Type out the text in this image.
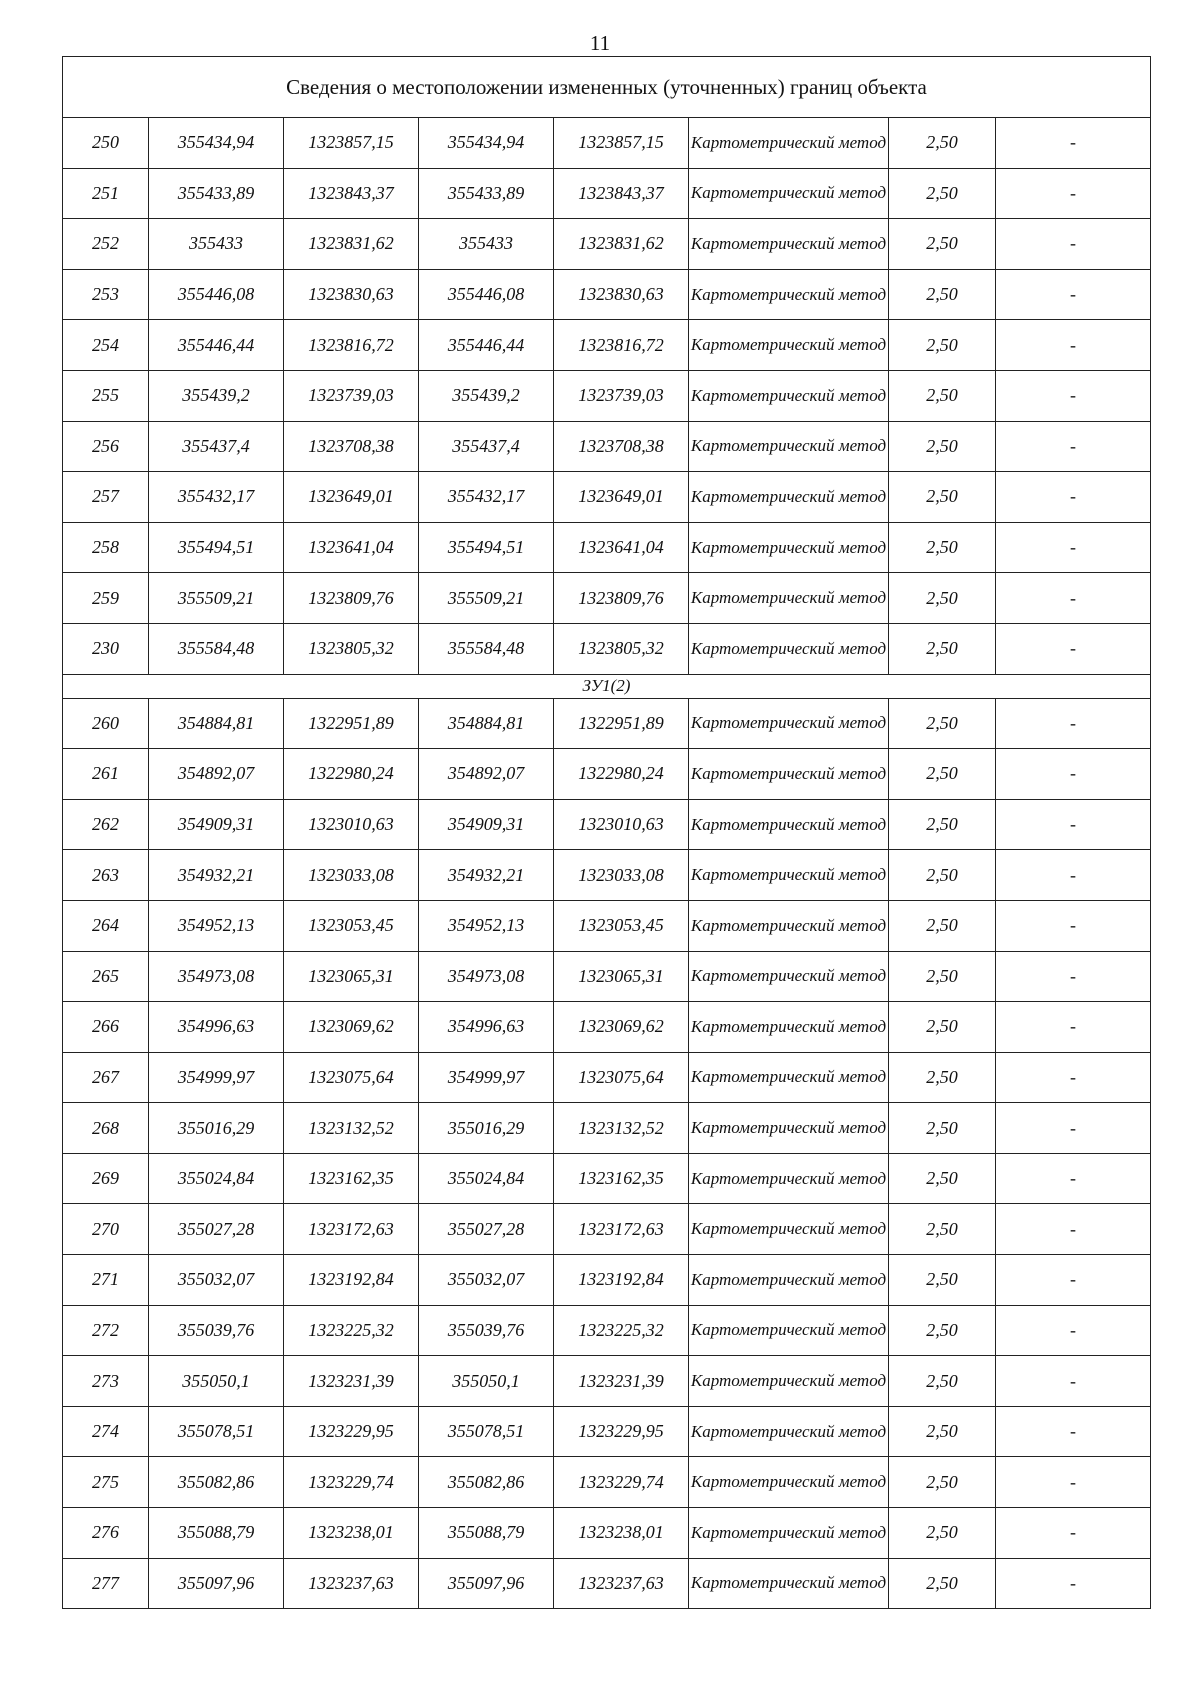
11
Сведения о местоположении измененных (уточненных) границ объекта							
250	355434,94	1323857,15	355434,94	1323857,15	Картометрический метод	2,50	-
251	355433,89	1323843,37	355433,89	1323843,37	Картометрический метод	2,50	-
252	355433	1323831,62	355433	1323831,62	Картометрический метод	2,50	-
253	355446,08	1323830,63	355446,08	1323830,63	Картометрический метод	2,50	-
254	355446,44	1323816,72	355446,44	1323816,72	Картометрический метод	2,50	-
255	355439,2	1323739,03	355439,2	1323739,03	Картометрический метод	2,50	-
256	355437,4	1323708,38	355437,4	1323708,38	Картометрический метод	2,50	-
257	355432,17	1323649,01	355432,17	1323649,01	Картометрический метод	2,50	-
258	355494,51	1323641,04	355494,51	1323641,04	Картометрический метод	2,50	-
259	355509,21	1323809,76	355509,21	1323809,76	Картометрический метод	2,50	-
230	355584,48	1323805,32	355584,48	1323805,32	Картометрический метод	2,50	-
ЗУ1(2)							
260	354884,81	1322951,89	354884,81	1322951,89	Картометрический метод	2,50	-
261	354892,07	1322980,24	354892,07	1322980,24	Картометрический метод	2,50	-
262	354909,31	1323010,63	354909,31	1323010,63	Картометрический метод	2,50	-
263	354932,21	1323033,08	354932,21	1323033,08	Картометрический метод	2,50	-
264	354952,13	1323053,45	354952,13	1323053,45	Картометрический метод	2,50	-
265	354973,08	1323065,31	354973,08	1323065,31	Картометрический метод	2,50	-
266	354996,63	1323069,62	354996,63	1323069,62	Картометрический метод	2,50	-
267	354999,97	1323075,64	354999,97	1323075,64	Картометрический метод	2,50	-
268	355016,29	1323132,52	355016,29	1323132,52	Картометрический метод	2,50	-
269	355024,84	1323162,35	355024,84	1323162,35	Картометрический метод	2,50	-
270	355027,28	1323172,63	355027,28	1323172,63	Картометрический метод	2,50	-
271	355032,07	1323192,84	355032,07	1323192,84	Картометрический метод	2,50	-
272	355039,76	1323225,32	355039,76	1323225,32	Картометрический метод	2,50	-
273	355050,1	1323231,39	355050,1	1323231,39	Картометрический метод	2,50	-
274	355078,51	1323229,95	355078,51	1323229,95	Картометрический метод	2,50	-
275	355082,86	1323229,74	355082,86	1323229,74	Картометрический метод	2,50	-
276	355088,79	1323238,01	355088,79	1323238,01	Картометрический метод	2,50	-
277	355097,96	1323237,63	355097,96	1323237,63	Картометрический метод	2,50	-
